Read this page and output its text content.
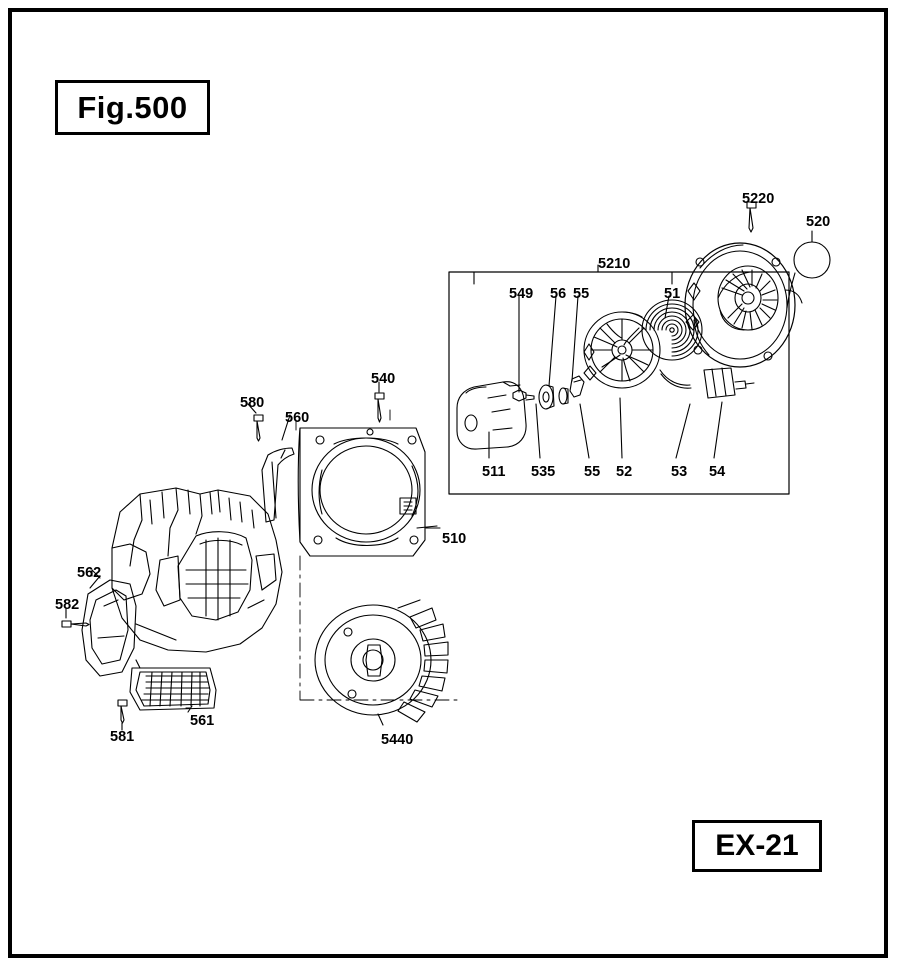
Fig.500
EX-21
5220
520
5210
549 56 55	51
511 535 55 52	53 54
540
580
560
510
562
582
561
581	5440
